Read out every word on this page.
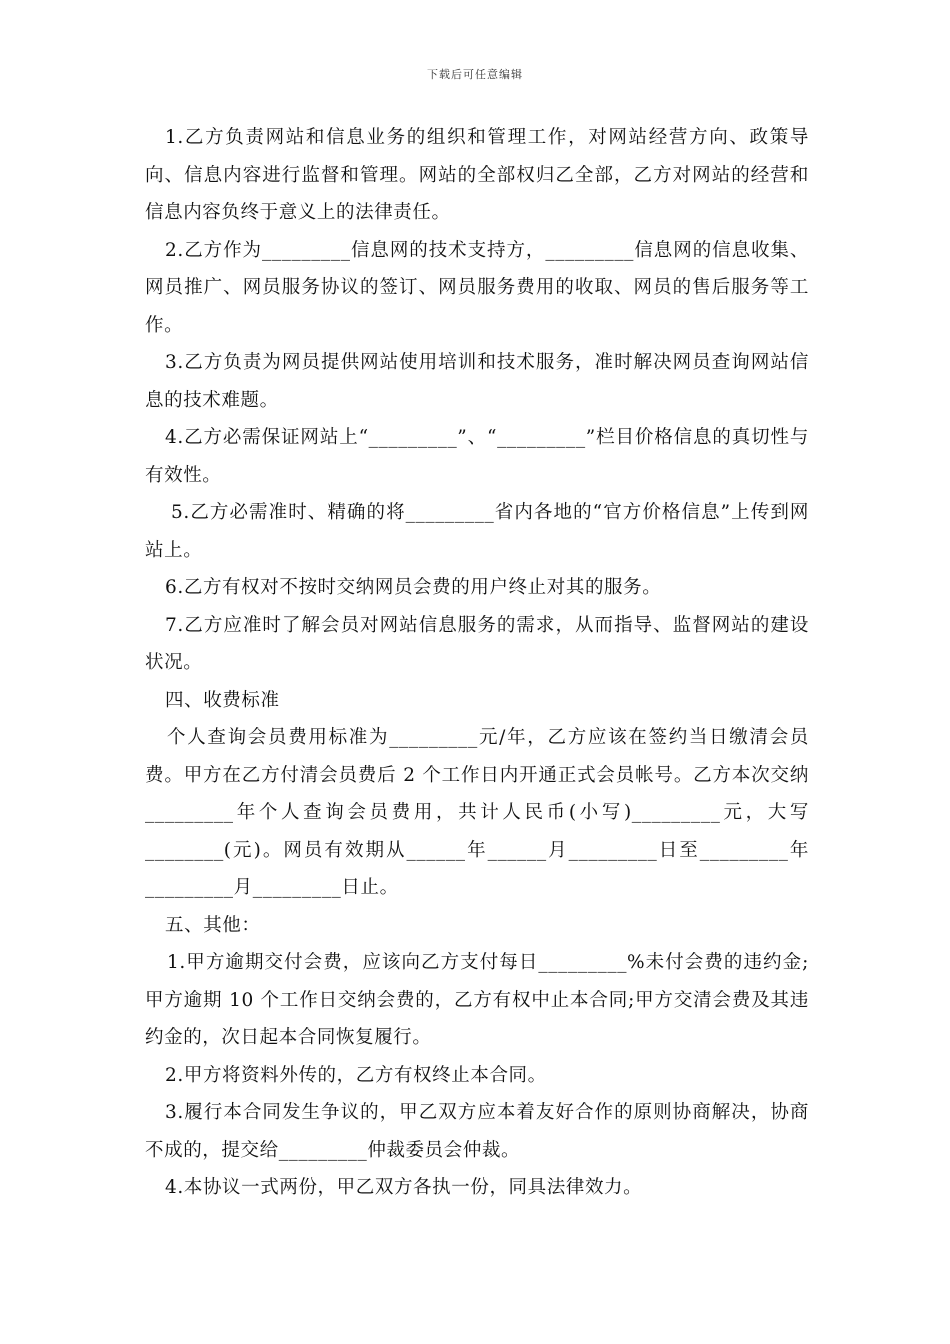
下载后可任意编辑

1.乙方负责网站和信息业务的组织和管理工作，对网站经营方向、政策导向、信息内容进行监督和管理。网站的全部权归乙全部，乙方对网站的经营和信息内容负终于意义上的法律责任。

2.乙方作为_________信息网的技术支持方，_________信息网的信息收集、网员推广、网员服务协议的签订、网员服务费用的收取、网员的售后服务等工作。

3.乙方负责为网员提供网站使用培训和技术服务，准时解决网员查询网站信息的技术难题。

4.乙方必需保证网站上“_________”、“_________”栏目价格信息的真切性与有效性。

5.乙方必需准时、精确的将_________省内各地的“官方价格信息”上传到网站上。

6.乙方有权对不按时交纳网员会费的用户终止对其的服务。

7.乙方应准时了解会员对网站信息服务的需求，从而指导、监督网站的建设状况。

四、收费标准

个人查询会员费用标准为_________元/年，乙方应该在签约当日缴清会员费。甲方在乙方付清会员费后 2 个工作日内开通正式会员帐号。乙方本次交纳_________年个人查询会员费用，共计人民币(小写)_________元，大写________(元)。网员有效期从______年______月_________日至_________年_________月_________日止。

五、其他：

1.甲方逾期交付会费，应该向乙方支付每日_________%未付会费的违约金;甲方逾期 10 个工作日交纳会费的，乙方有权中止本合同;甲方交清会费及其违约金的，次日起本合同恢复履行。

2.甲方将资料外传的，乙方有权终止本合同。

3.履行本合同发生争议的，甲乙双方应本着友好合作的原则协商解决，协商不成的，提交给_________仲裁委员会仲裁。

4.本协议一式两份，甲乙双方各执一份，同具法律效力。
